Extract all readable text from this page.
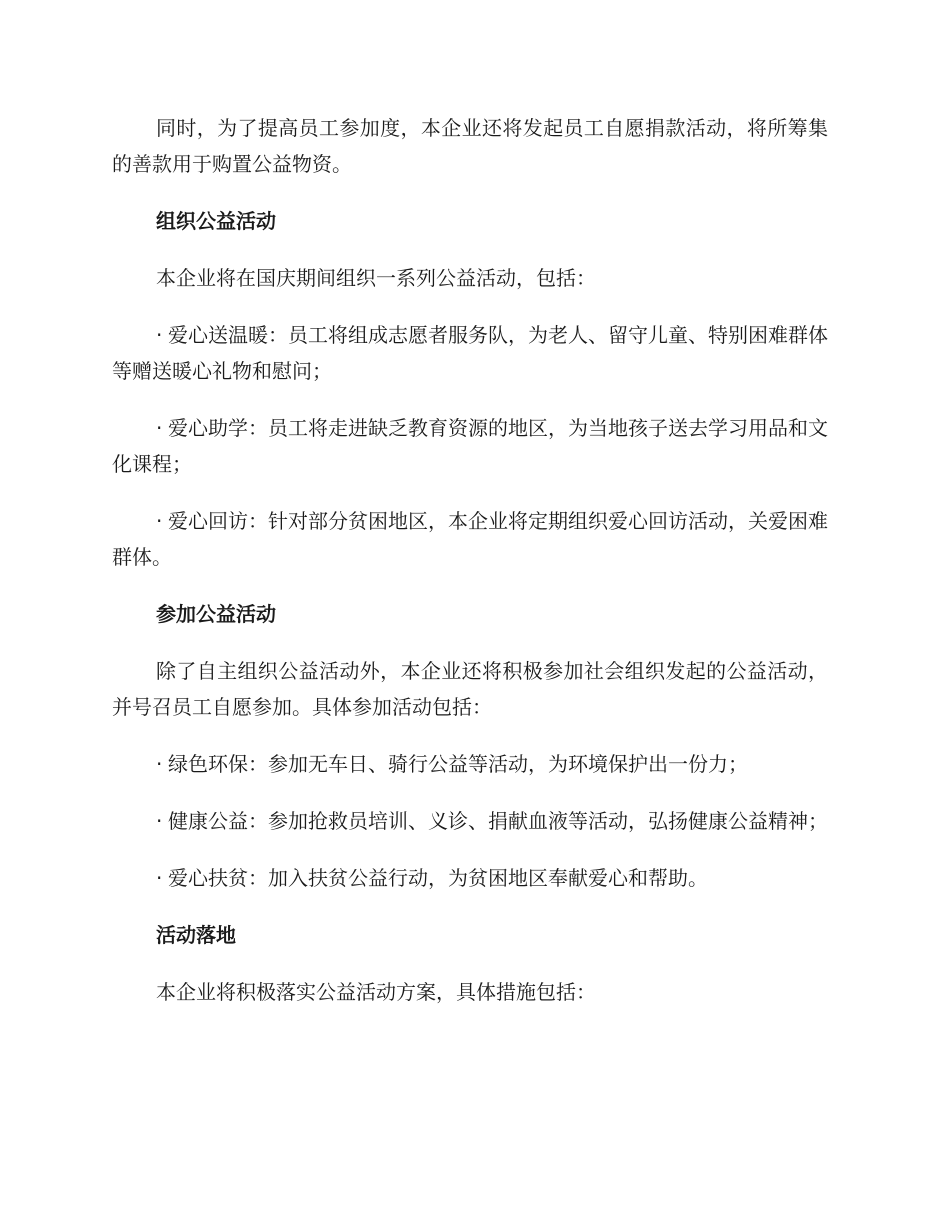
同时，为了提高员工参加度，本企业还将发起员工自愿捐款活动，将所筹集的善款用于购置公益物资。

组织公益活动

本企业将在国庆期间组织一系列公益活动，包括：

· 爱心送温暖：员工将组成志愿者服务队，为老人、留守儿童、特别困难群体等赠送暖心礼物和慰问；

· 爱心助学：员工将走进缺乏教育资源的地区，为当地孩子送去学习用品和文化课程；

· 爱心回访：针对部分贫困地区，本企业将定期组织爱心回访活动，关爱困难群体。

参加公益活动

除了自主组织公益活动外，本企业还将积极参加社会组织发起的公益活动，并号召员工自愿参加。具体参加活动包括：

· 绿色环保：参加无车日、骑行公益等活动，为环境保护出一份力；

· 健康公益：参加抢救员培训、义诊、捐献血液等活动，弘扬健康公益精神；

· 爱心扶贫：加入扶贫公益行动，为贫困地区奉献爱心和帮助。

活动落地

本企业将积极落实公益活动方案，具体措施包括：
